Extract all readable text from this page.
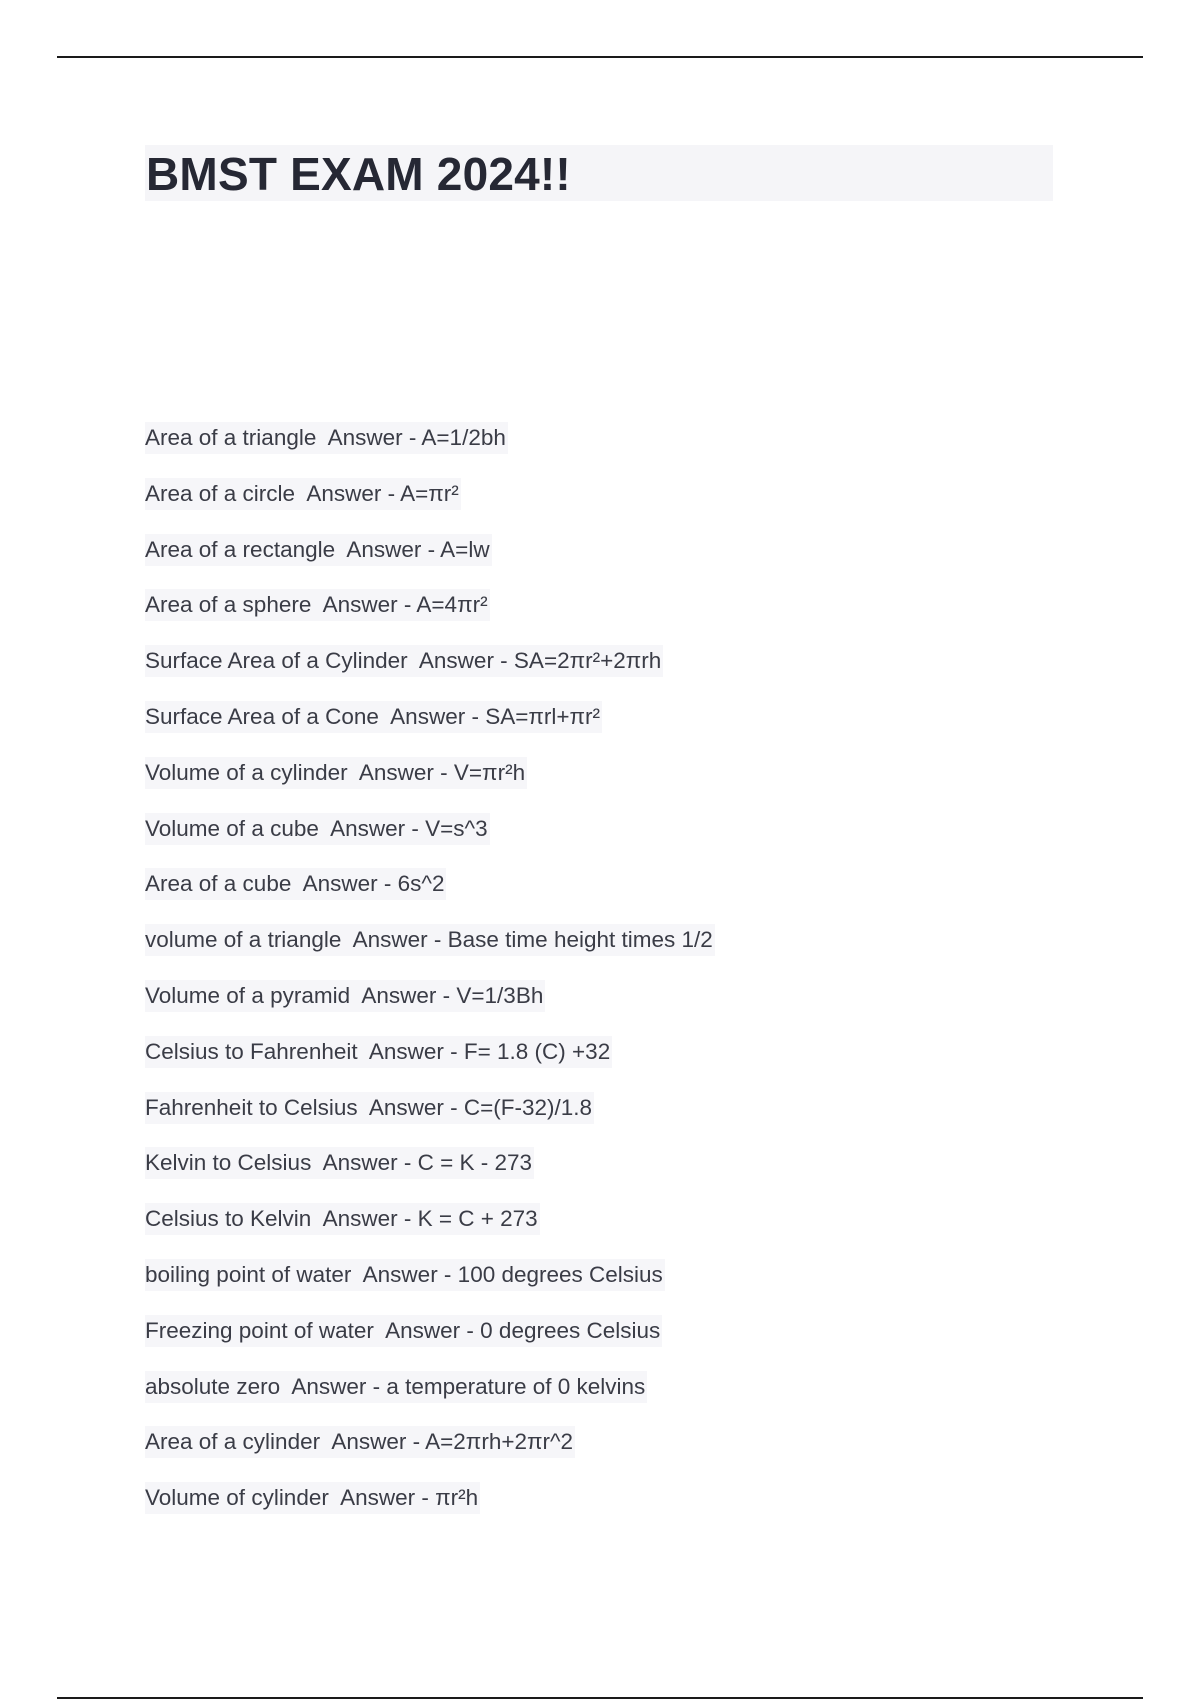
BMST EXAM 2024!!
Area of a triangle Answer - A=1/2bh
Area of a circle Answer - A=πr²
Area of a rectangle Answer - A=lw
Area of a sphere Answer - A=4πr²
Surface Area of a Cylinder Answer - SA=2πr²+2πrh
Surface Area of a Cone Answer - SA=πrl+πr²
Volume of a cylinder Answer - V=πr²h
Volume of a cube Answer - V=s^3
Area of a cube Answer - 6s^2
volume of a triangle Answer - Base time height times 1/2
Volume of a pyramid Answer - V=1/3Bh
Celsius to Fahrenheit Answer - F= 1.8 (C) +32
Fahrenheit to Celsius Answer - C=(F-32)/1.8
Kelvin to Celsius Answer - C = K - 273
Celsius to Kelvin Answer - K = C + 273
boiling point of water Answer - 100 degrees Celsius
Freezing point of water Answer - 0 degrees Celsius
absolute zero Answer - a temperature of 0 kelvins
Area of a cylinder Answer - A=2πrh+2πr^2
Volume of cylinder Answer - πr²h
